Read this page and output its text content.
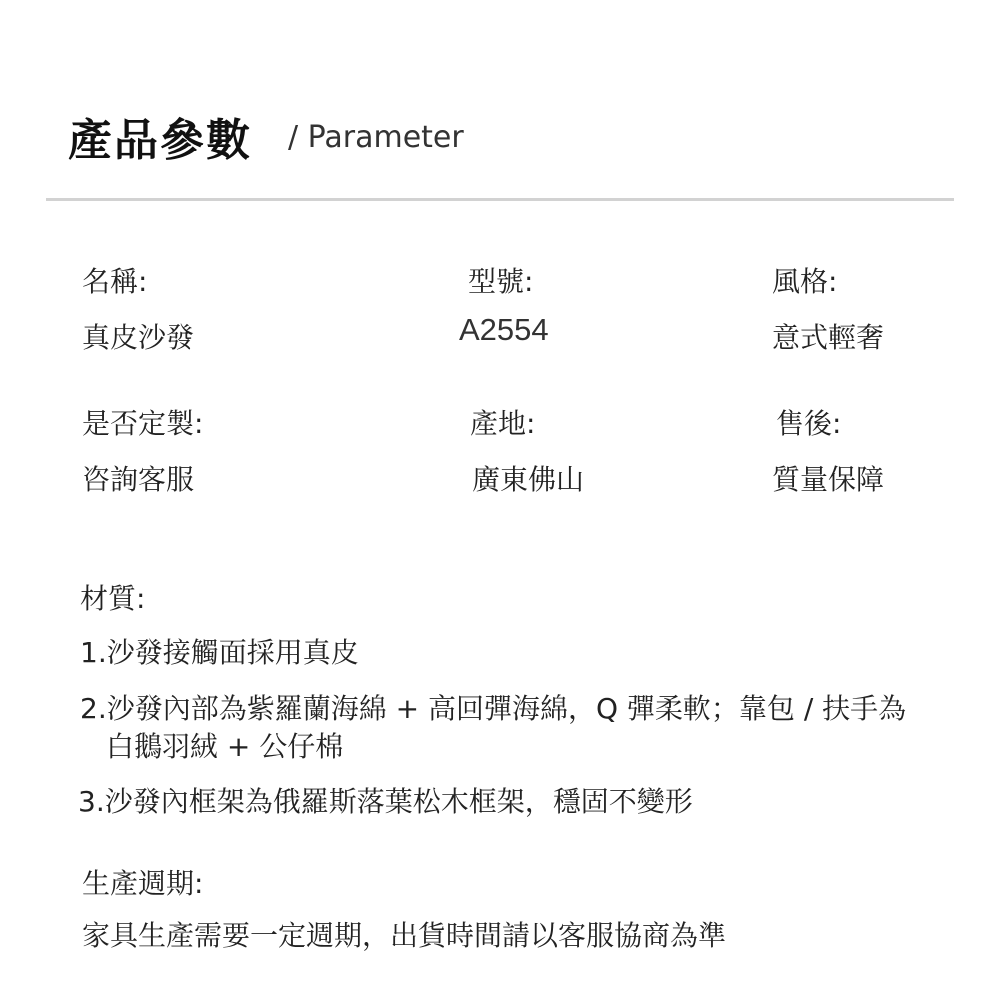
產品參數 / Parameter
名稱:
真皮沙發
型號:
A2554
風格:
意式輕奢
是否定製:
咨詢客服
產地:
廣東佛山
售後:
質量保障
材質:
1.沙發接觸面採用真皮
2.沙發內部為紫羅蘭海綿 + 高回彈海綿，Q 彈柔軟；靠包 / 扶手為
白鵝羽絨 + 公仔棉
3.沙發內框架為俄羅斯落葉松木框架，穩固不變形
生產週期:
家具生產需要一定週期，出貨時間請以客服協商為準
